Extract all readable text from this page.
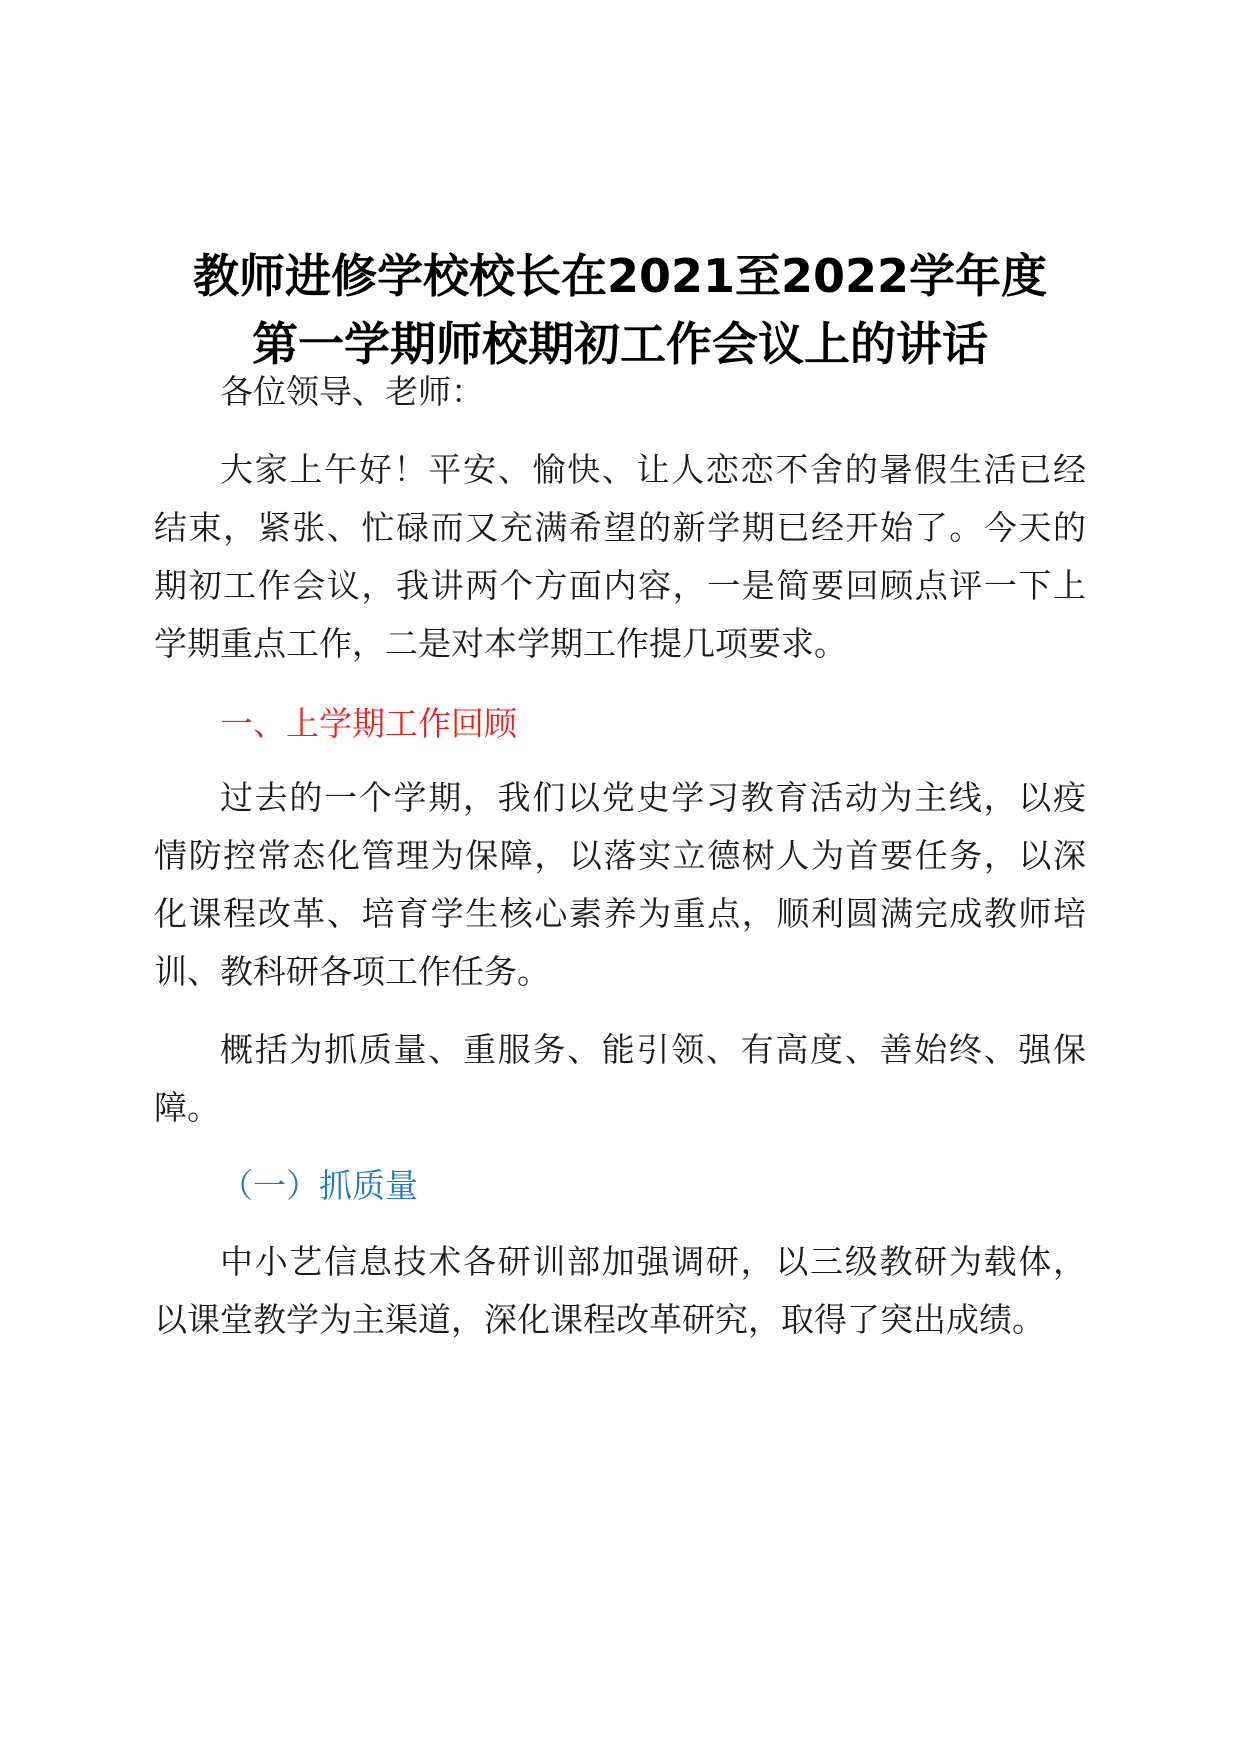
教师进修学校校长在2021至2022学年度
第一学期师校期初工作会议上的讲话
各位领导、老师：
大家上午好！平安、愉快、让人恋恋不舍的暑假生活已经
结束，紧张、忙碌而又充满希望的新学期已经开始了。今天的
期初工作会议，我讲两个方面内容，一是简要回顾点评一下上
学期重点工作，二是对本学期工作提几项要求。
一、上学期工作回顾
过去的一个学期，我们以党史学习教育活动为主线，以疫
情防控常态化管理为保障，以落实立德树人为首要任务，以深
化课程改革、培育学生核心素养为重点，顺利圆满完成教师培
训、教科研各项工作任务。
概括为抓质量、重服务、能引领、有高度、善始终、强保
障。
（一）抓质量
中小艺信息技术各研训部加强调研，以三级教研为载体，
以课堂教学为主渠道，深化课程改革研究，取得了突出成绩。
